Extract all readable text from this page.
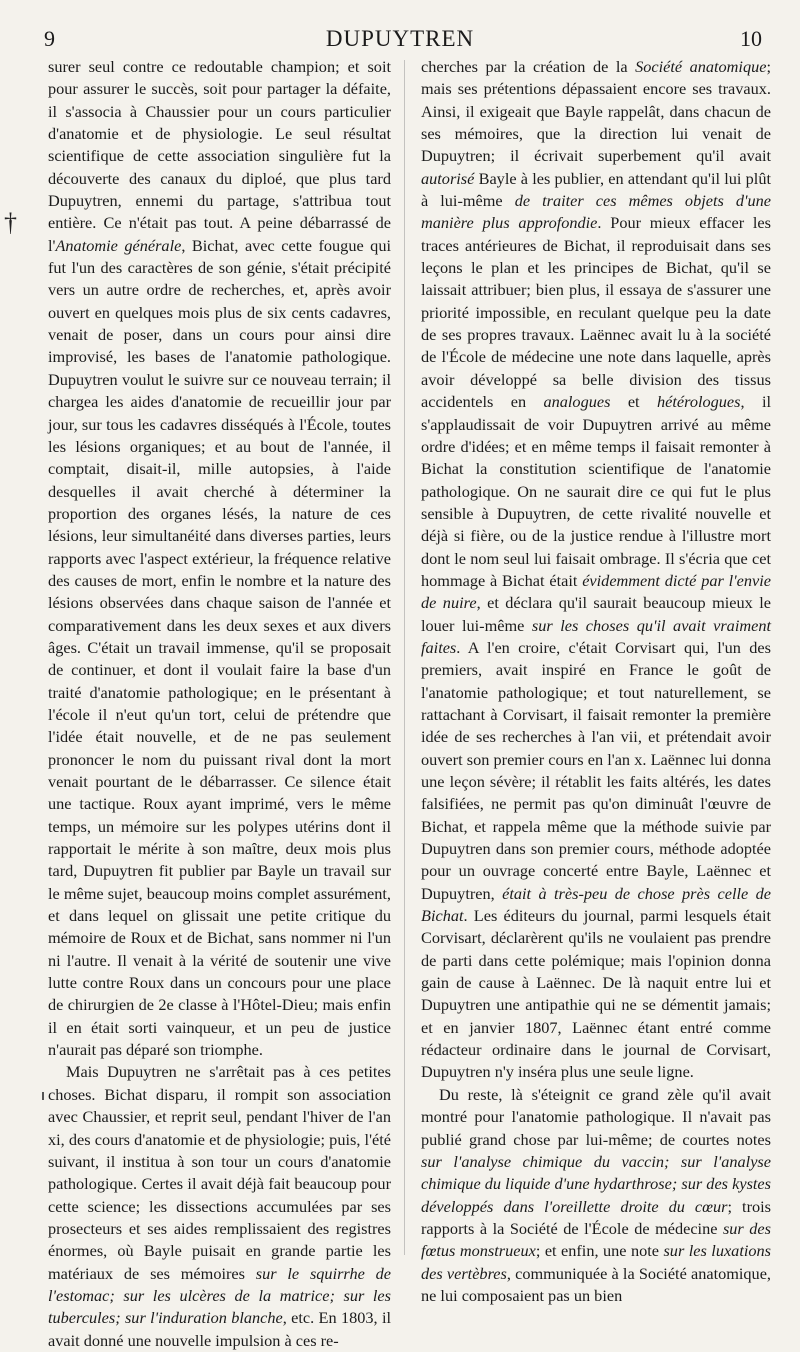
9	DUPUYTREN	10
†

surer seul contre ce redoutable champion; et soit pour assurer le succès, soit pour partager la défaite, il s'associa à Chaussier pour un cours particulier d'anatomie et de physiologie. Le seul résultat scientifique de cette association singulière fut la découverte des canaux du diploé, que plus tard Dupuytren, ennemi du partage, s'attribua tout entière. Ce n'était pas tout. A peine débarrassé de l'Anatomie générale, Bichat, avec cette fougue qui fut l'un des caractères de son génie, s'était précipité vers un autre ordre de recherches, et, après avoir ouvert en quelques mois plus de six cents cadavres, venait de poser, dans un cours pour ainsi dire improvisé, les bases de l'anatomie pathologique. Dupuytren voulut le suivre sur ce nouveau terrain; il chargea les aides d'anatomie de recueillir jour par jour, sur tous les cadavres disséqués à l'École, toutes les lésions organiques; et au bout de l'année, il comptait, disait-il, mille autopsies, à l'aide desquelles il avait cherché à déterminer la proportion des organes lésés, la nature de ces lésions, leur simultanéité dans diverses parties, leurs rapports avec l'aspect extérieur, la fréquence relative des causes de mort, enfin le nombre et la nature des lésions observées dans chaque saison de l'année et comparativement dans les deux sexes et aux divers âges. C'était un travail immense, qu'il se proposait de continuer, et dont il voulait faire la base d'un traité d'anatomie pathologique; en le présentant à l'école il n'eut qu'un tort, celui de prétendre que l'idée était nouvelle, et de ne pas seulement prononcer le nom du puissant rival dont la mort venait pourtant de le débarrasser. Ce silence était une tactique. Roux ayant imprimé, vers le même temps, un mémoire sur les polypes utérins dont il rapportait le mérite à son maître, deux mois plus tard, Dupuytren fit publier par Bayle un travail sur le même sujet, beaucoup moins complet assurément, et dans lequel on glissait une petite critique du mémoire de Roux et de Bichat, sans nommer ni l'un ni l'autre. Il venait à la vérité de soutenir une vive lutte contre Roux dans un concours pour une place de chirurgien de 2e classe à l'Hôtel-Dieu; mais enfin il en était sorti vainqueur, et un peu de justice n'aurait pas déparé son triomphe.

Mais Dupuytren ne s'arrêtait pas à ces petites choses. Bichat disparu, il rompit son association avec Chaussier, et reprit seul, pendant l'hiver de l'an xi, des cours d'anatomie et de physiologie; puis, l'été suivant, il institua à son tour un cours d'anatomie pathologique. Certes il avait déjà fait beaucoup pour cette science; les dissections accumulées par ses prosecteurs et ses aides remplissaient des registres énormes, où Bayle puisait en grande partie les matériaux de ses mémoires sur le squirrhe de l'estomac; sur les ulcères de la matrice; sur les tubercules; sur l'induration blanche, etc. En 1803, il avait donné une nouvelle impulsion à ces re-

cherches par la création de la Société anatomique; mais ses prétentions dépassaient encore ses travaux. Ainsi, il exigeait que Bayle rappelât, dans chacun de ses mémoires, que la direction lui venait de Dupuytren; il écrivait superbement qu'il avait autorisé Bayle à les publier, en attendant qu'il lui plût à lui-même de traiter ces mêmes objets d'une manière plus approfondie. Pour mieux effacer les traces antérieures de Bichat, il reproduisait dans ses leçons le plan et les principes de Bichat, qu'il se laissait attribuer; bien plus, il essaya de s'assurer une priorité impossible, en reculant quelque peu la date de ses propres travaux. Laënnec avait lu à la société de l'École de médecine une note dans laquelle, après avoir développé sa belle division des tissus accidentels en analogues et hétérologues, il s'applaudissait de voir Dupuytren arrivé au même ordre d'idées; et en même temps il faisait remonter à Bichat la constitution scientifique de l'anatomie pathologique. On ne saurait dire ce qui fut le plus sensible à Dupuytren, de cette rivalité nouvelle et déjà si fière, ou de la justice rendue à l'illustre mort dont le nom seul lui faisait ombrage. Il s'écria que cet hommage à Bichat était évidemment dicté par l'envie de nuire, et déclara qu'il saurait beaucoup mieux le louer lui-même sur les choses qu'il avait vraiment faites. A l'en croire, c'était Corvisart qui, l'un des premiers, avait inspiré en France le goût de l'anatomie pathologique; et tout naturellement, se rattachant à Corvisart, il faisait remonter la première idée de ses recherches à l'an vii, et prétendait avoir ouvert son premier cours en l'an x. Laënnec lui donna une leçon sévère; il rétablit les faits altérés, les dates falsifiées, ne permit pas qu'on diminuât l'œuvre de Bichat, et rappela même que la méthode suivie par Dupuytren dans son premier cours, méthode adoptée pour un ouvrage concerté entre Bayle, Laënnec et Dupuytren, était à très-peu de chose près celle de Bichat. Les éditeurs du journal, parmi lesquels était Corvisart, déclarèrent qu'ils ne voulaient pas prendre de parti dans cette polémique; mais l'opinion donna gain de cause à Laënnec. De là naquit entre lui et Dupuytren une antipathie qui ne se démentit jamais; et en janvier 1807, Laënnec étant entré comme rédacteur ordinaire dans le journal de Corvisart, Dupuytren n'y inséra plus une seule ligne.

Du reste, là s'éteignit ce grand zèle qu'il avait montré pour l'anatomie pathologique. Il n'avait pas publié grand chose par lui-même; de courtes notes sur l'analyse chimique du vaccin; sur l'analyse chimique du liquide d'une hydarthrose; sur des kystes développés dans l'oreillette droite du cœur; trois rapports à la Société de l'École de médecine sur des fœtus monstrueux; et enfin, une note sur les luxations des vertèbres, communiquée à la Société anatomique, ne lui composaient pas un bien
